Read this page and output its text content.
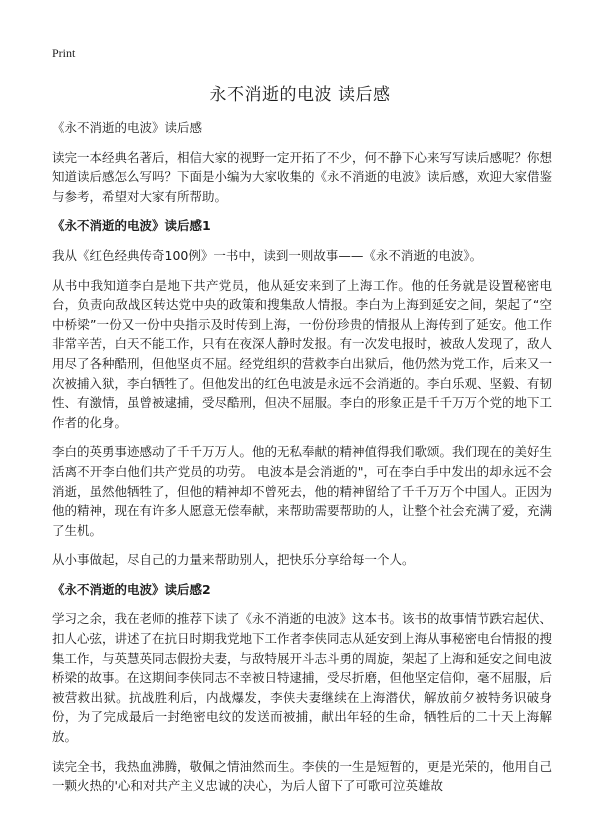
Print
永不消逝的电波 读后感

《永不消逝的电波》读后感

读完一本经典名著后，相信大家的视野一定开拓了不少，何不静下心来写写读后感呢？你想知道读后感怎么写吗？下面是小编为大家收集的《永不消逝的电波》读后感，欢迎大家借鉴与参考，希望对大家有所帮助。

《永不消逝的电波》读后感1

我从《红色经典传奇100例》一书中，读到一则故事——《永不消逝的电波》。

从书中我知道李白是地下共产党员，他从延安来到了上海工作。他的任务就是设置秘密电台，负责向敌战区转达党中央的政策和搜集敌人情报。李白为上海到延安之间，架起了“空中桥梁”一份又一份中央指示及时传到上海，一份份珍贵的情报从上海传到了延安。他工作非常辛苦，白天不能工作，只有在夜深人静时发报。有一次发电报时，被敌人发现了，敌人用尽了各种酷刑，但他坚贞不屈。经党组织的营救李白出狱后，他仍然为党工作，后来又一次被捕入狱，李白牺牲了。但他发出的红色电波是永远不会消逝的。李白乐观、坚毅、有韧性、有激情，虽曾被逮捕，受尽酷刑，但决不屈服。李白的形象正是千千万万个党的地下工作者的化身。

李白的英勇事迹感动了千千万万人。他的无私奉献的精神值得我们歌颂。我们现在的美好生活离不开李白他们共产党员的功劳。 电波本是会消逝的"，可在李白手中发出的却永远不会消逝，虽然他牺牲了，但他的精神却不曾死去，他的精神留给了千千万万个中国人。正因为他的精神，现在有许多人愿意无偿奉献，来帮助需要帮助的人，让整个社会充满了爱，充满了生机。

从小事做起，尽自己的力量来帮助别人，把快乐分享给每一个人。

《永不消逝的电波》读后感2

学习之余，我在老师的推荐下读了《永不消逝的电波》这本书。该书的故事情节跌宕起伏、扣人心弦，讲述了在抗日时期我党地下工作者李侠同志从延安到上海从事秘密电台情报的搜集工作，与英慧英同志假扮夫妻，与敌特展开斗志斗勇的周旋，架起了上海和延安之间电波桥梁的故事。在这期间李侠同志不幸被日特逮捕，受尽折磨，但他坚定信仰，毫不屈服，后被营救出狱。抗战胜利后，内战爆发，李侠夫妻继续在上海潜伏，解放前夕被特务识破身份，为了完成最后一封绝密电纹的发送而被捕，献出年轻的生命，牺牲后的二十天上海解放。

读完全书，我热血沸腾，敬佩之情油然而生。李侠的一生是短暂的，更是光荣的，他用自己一颗火热的'心和对共产主义忠诚的决心，为后人留下了可歌可泣英雄故
